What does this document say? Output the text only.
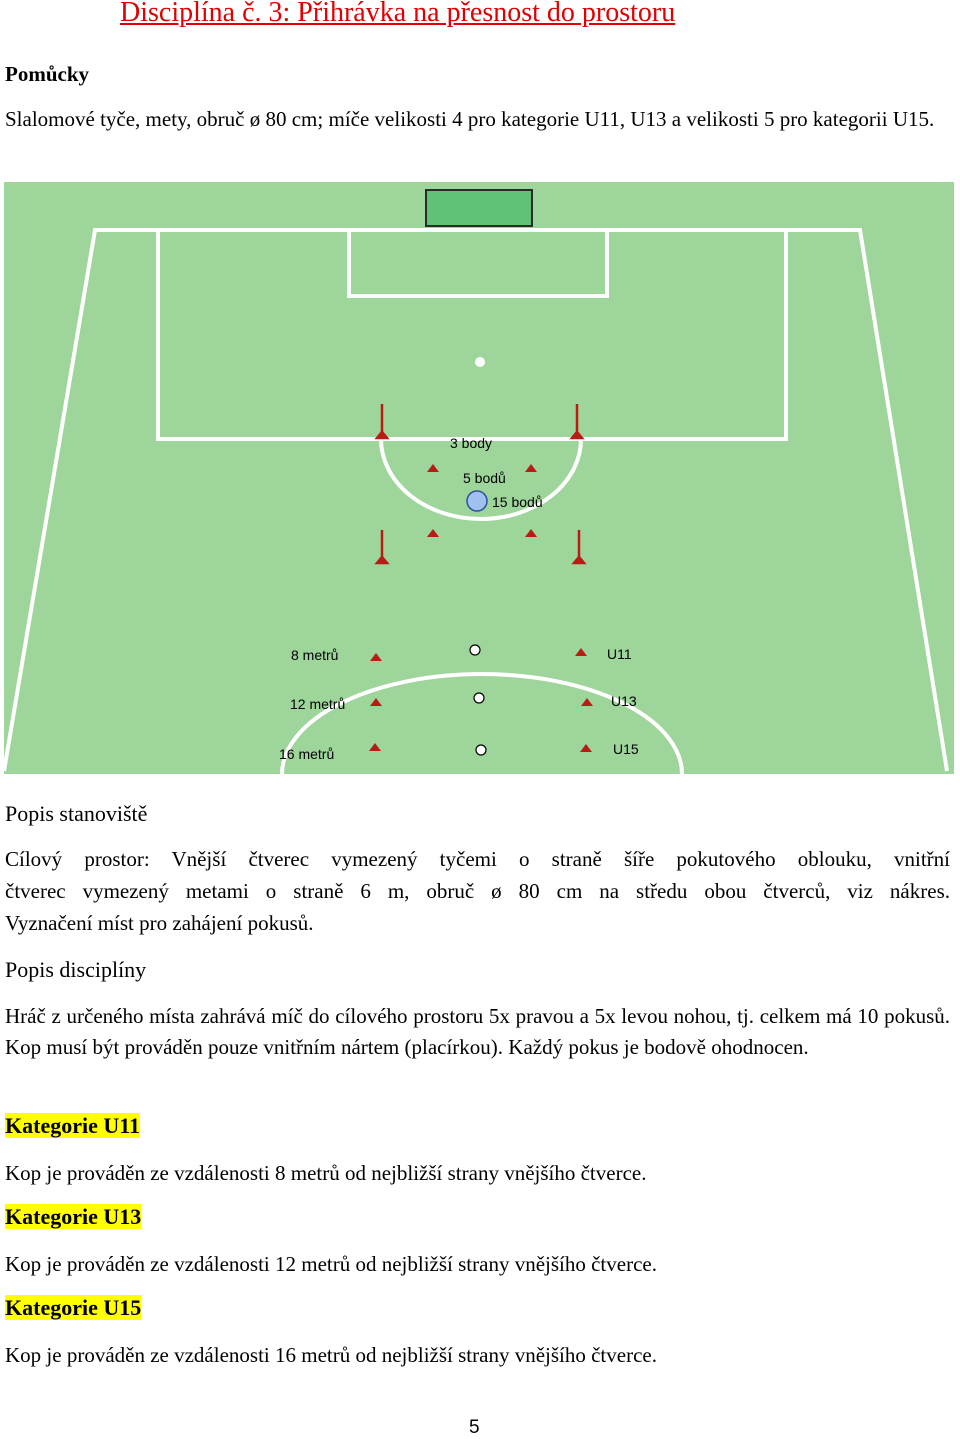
Disciplína č. 3: Přihrávka na přesnost do prostoru
Pomůcky
Slalomové tyče, mety, obruč ø 80 cm; míče velikosti 4 pro kategorie U11, U13 a velikosti 5 pro kategorii U15.
3 body
5 bodů
15 bodů
8 metrů
12 metrů
16 metrů
U11
U13
U15
Popis stanoviště
Cílový prostor: Vnější čtverec vymezený tyčemi o straně šíře pokutového oblouku, vnitřní
čtverec vymezený metami o straně 6 m, obruč ø 80 cm na středu obou čtverců, viz nákres.
Vyznačení míst pro zahájení pokusů.
Popis disciplíny
Hráč z určeného místa zahrává míč do cílového prostoru 5x pravou a 5x levou nohou, tj. celkem má 10 pokusů. Kop musí být prováděn pouze vnitřním nártem (placírkou). Každý pokus je bodově ohodnocen.
Kategorie U11
Kop je prováděn ze vzdálenosti 8 metrů od nejbližší strany vnějšího čtverce.
Kategorie U13
Kop je prováděn ze vzdálenosti 12 metrů od nejbližší strany vnějšího čtverce.
Kategorie U15
Kop je prováděn ze vzdálenosti 16 metrů od nejbližší strany vnějšího čtverce.
5
